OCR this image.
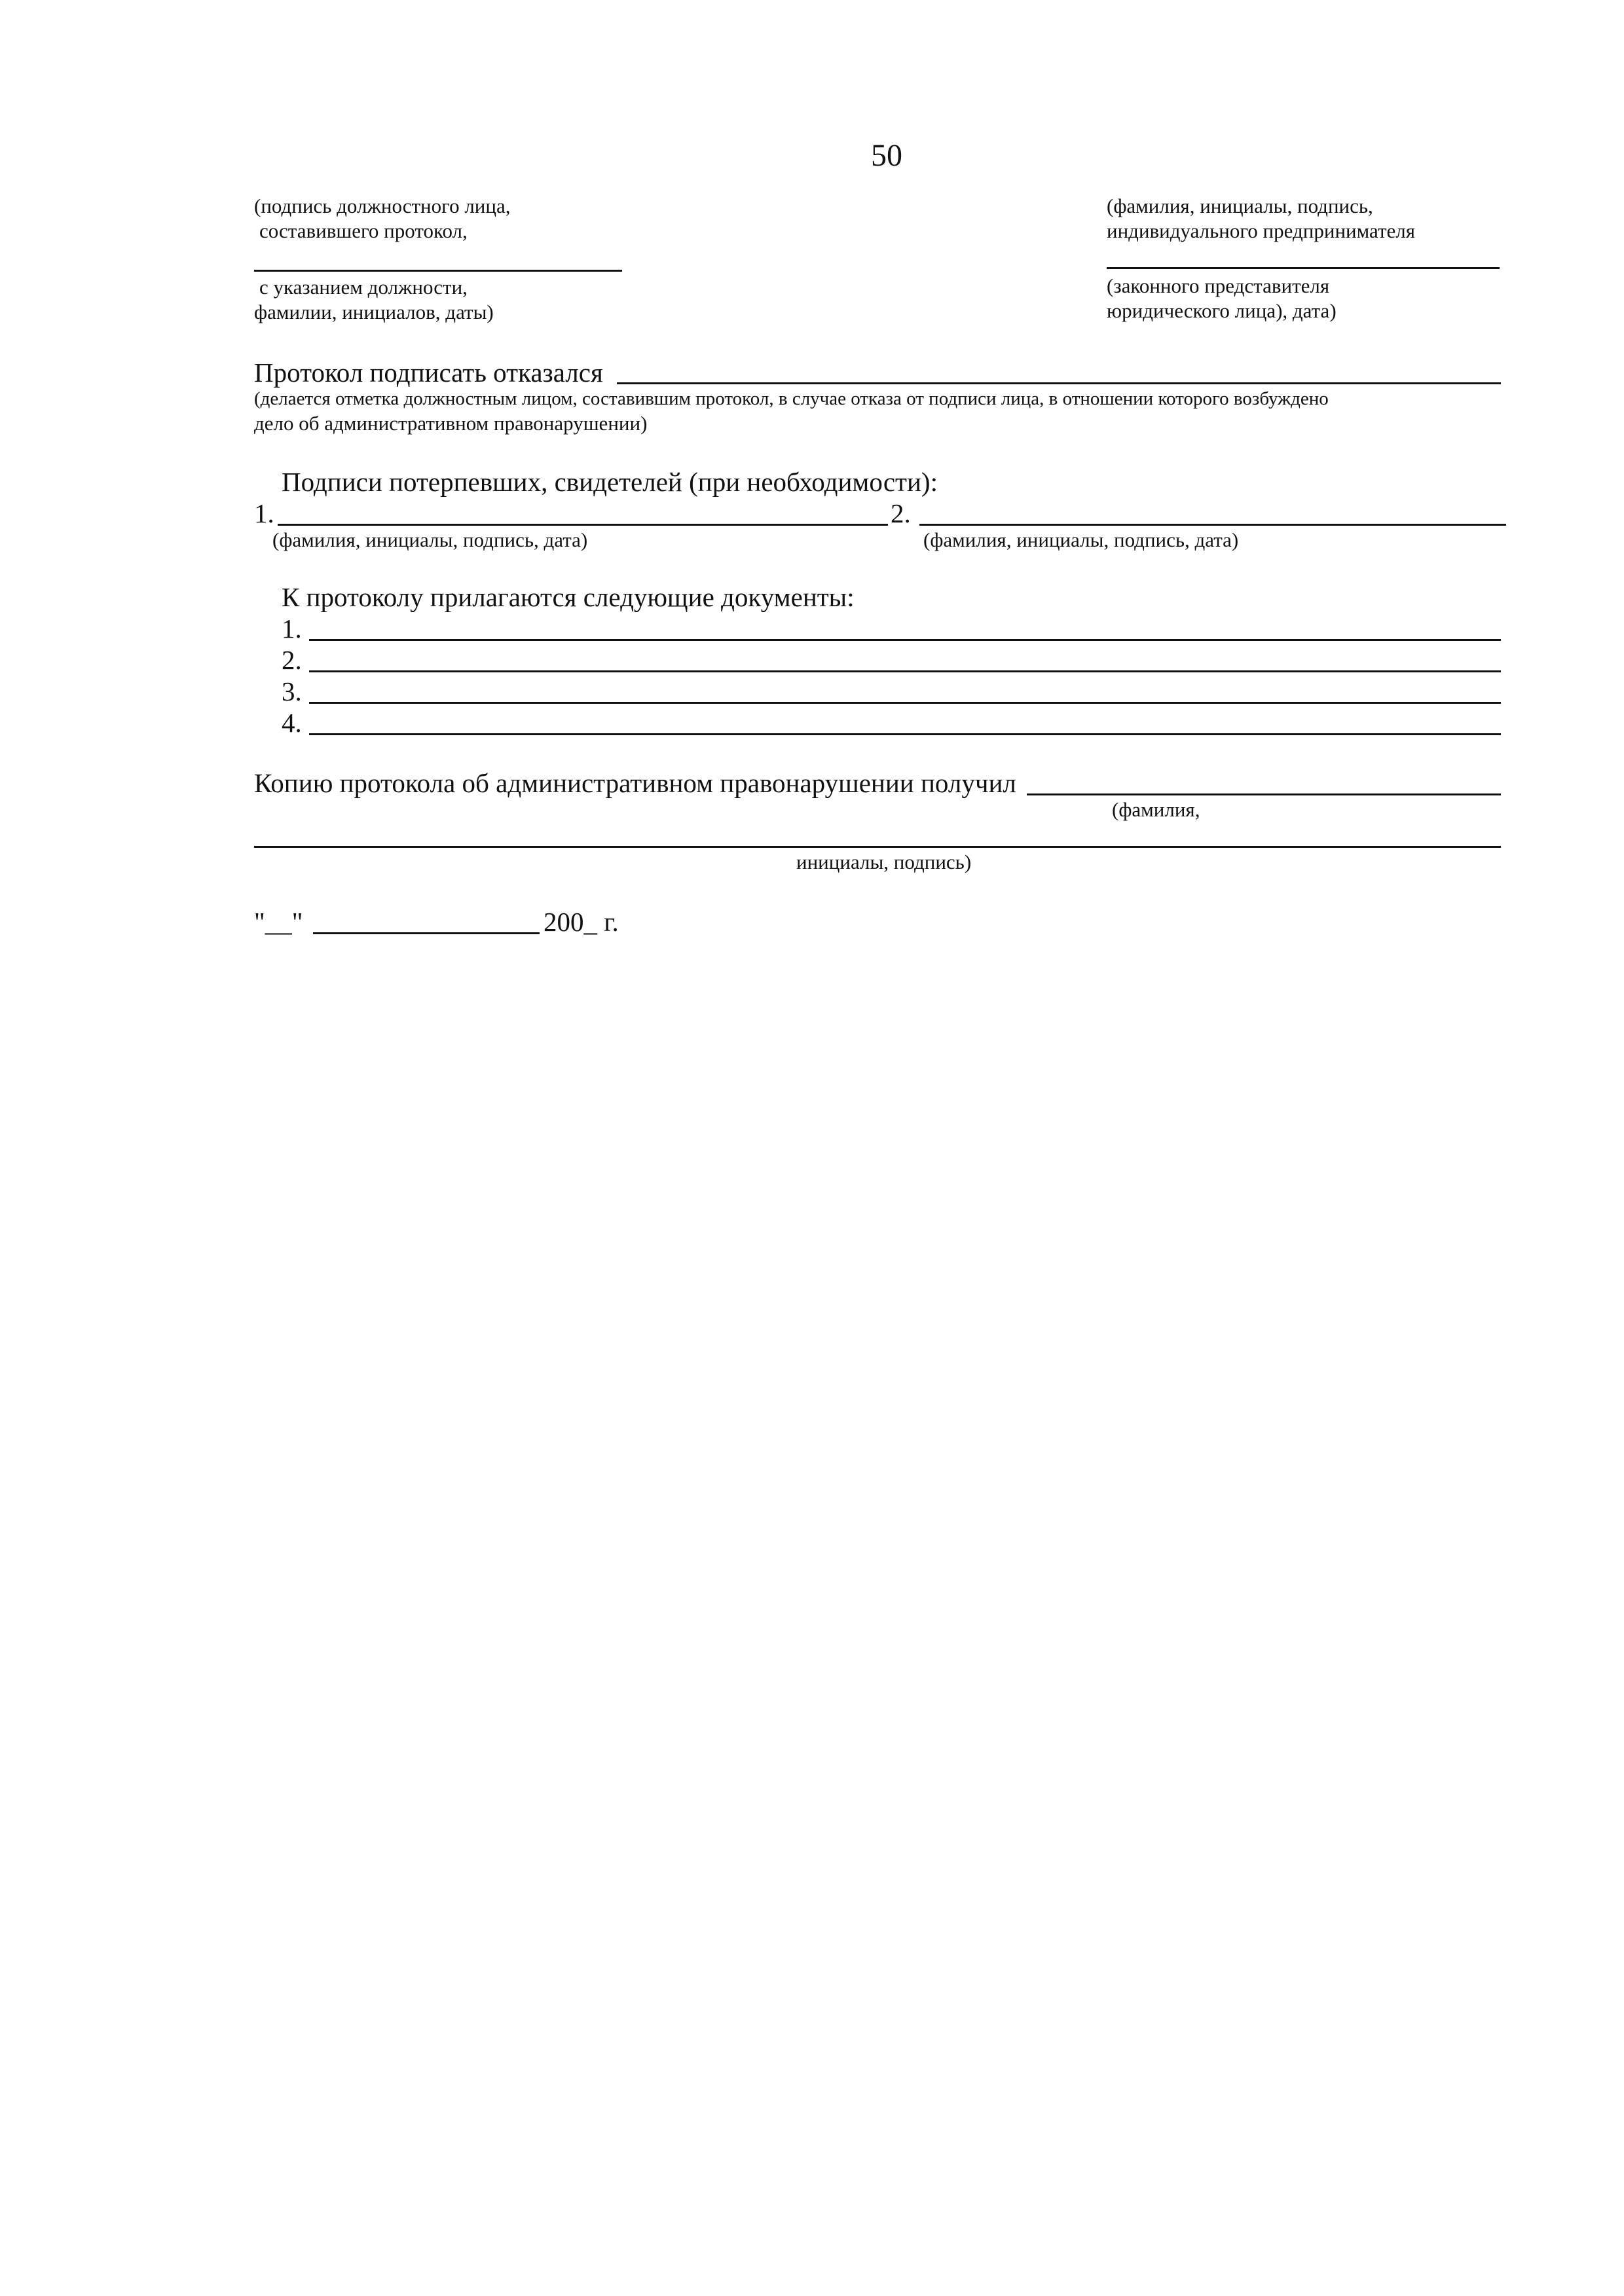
50
(подпись должностного лица,
составившего протокол,
с указанием должности,
фамилии, инициалов, даты)
(фамилия, инициалы, подпись,
индивидуального предпринимателя
(законного представителя
юридического лица), дата)
Протокол подписать отказался
(делается отметка должностным лицом, составившим протокол, в случае отказа от подписи лица, в отношении которого возбуждено
дело об административном правонарушении)
Подписи потерпевших, свидетелей (при необходимости):
1.
(фамилия, инициалы, подпись, дата)
2.
(фамилия, инициалы, подпись, дата)
К протоколу прилагаются следующие документы:
1.
2.
3.
4.
Копию протокола об административном правонарушении получил
(фамилия,
инициалы, подпись)
"__"	200_ г.
